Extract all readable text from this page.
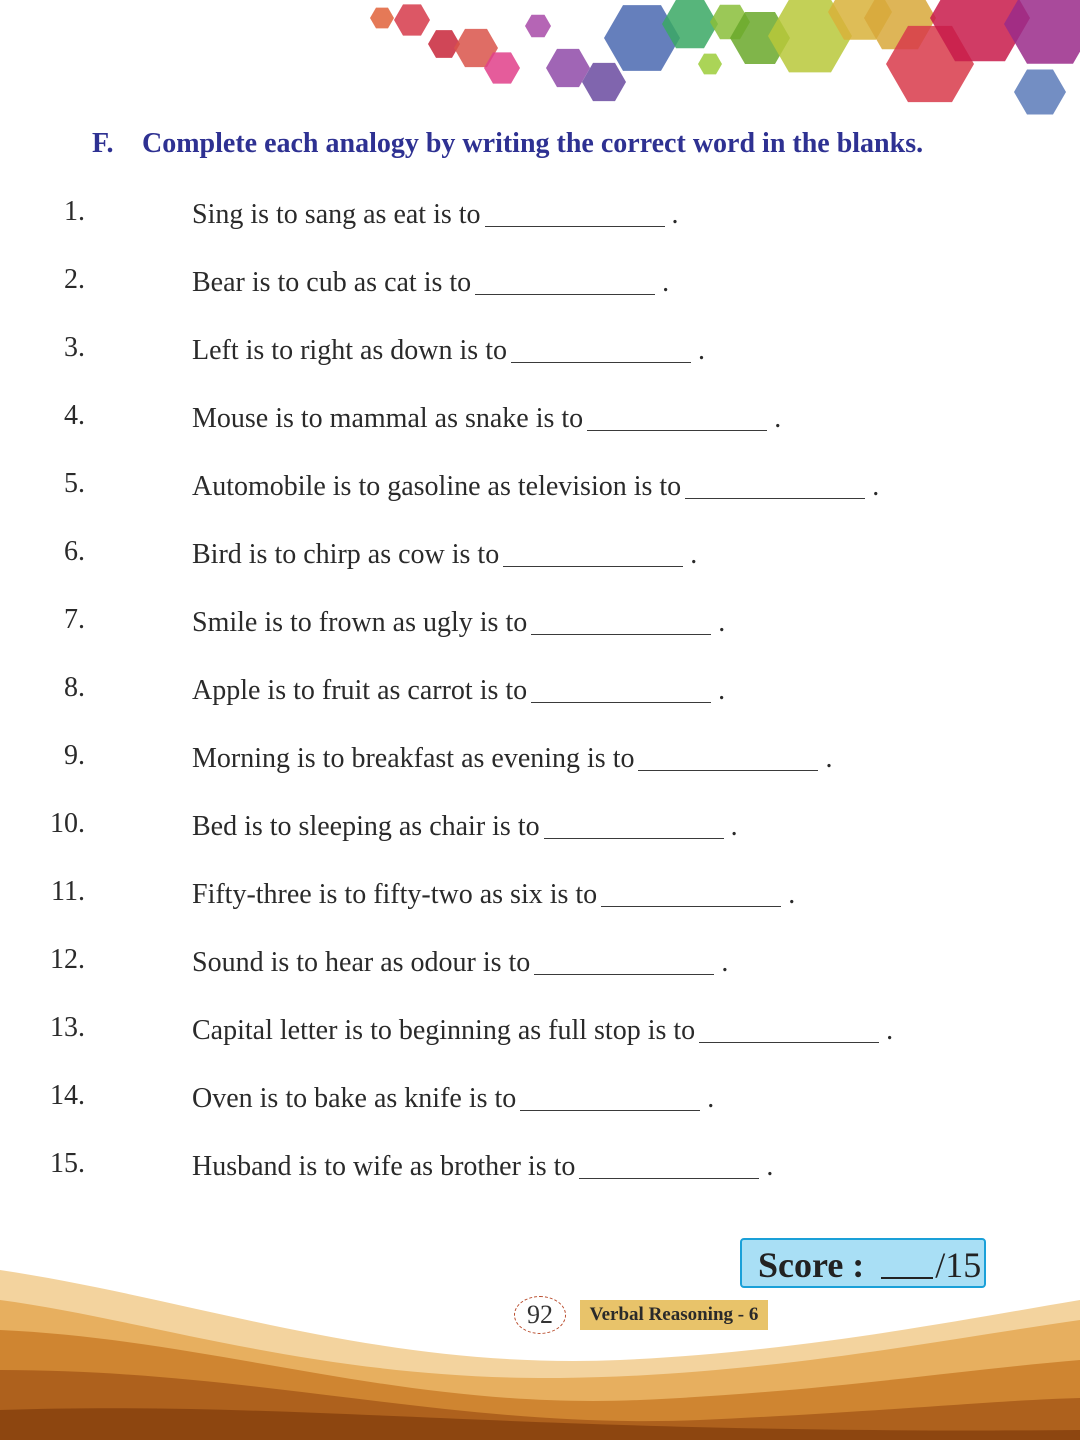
F. Complete each analogy by writing the correct word in the blanks.
1.	Sing is to sang as eat is to	.
2.	Bear is to cub as cat is to	.
3.	Left is to right as down is to	.
4.	Mouse is to mammal as snake is to	.
5.	Automobile is to gasoline as television is to	.
6.	Bird is to chirp as cow is to	.
7.	Smile is to frown as ugly is to	.
8.	Apple is to fruit as carrot is to	.
9.	Morning is to breakfast as evening is to	.
10.	Bed is to sleeping as chair is to	.
11.	Fifty-three is to fifty-two as six is to	.
12.	Sound is to hear as odour is to	.
13.	Capital letter is to beginning as full stop is to	.
14.	Oven is to bake as knife is to	.
15.	Husband is to wife as brother is to	.
Score : /15
92	Verbal Reasoning - 6
